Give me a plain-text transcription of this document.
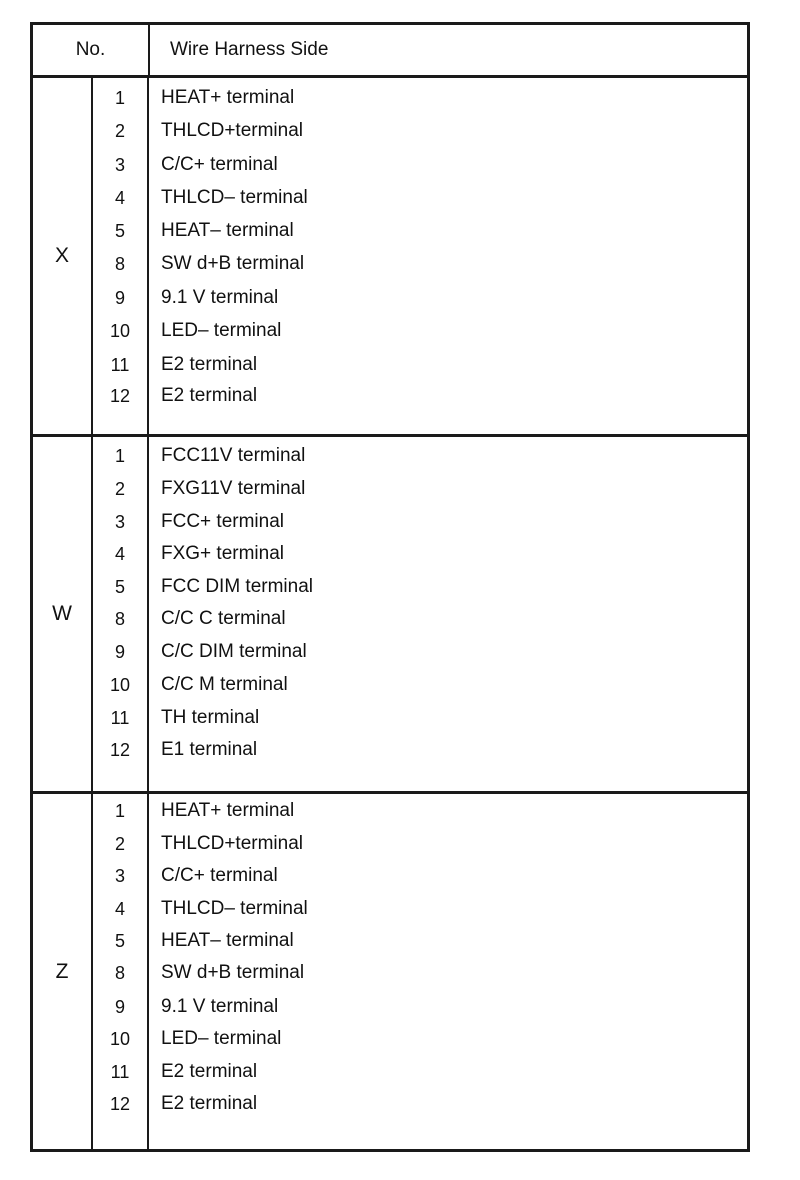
No.	Wire Harness Side
X
1	HEAT+ terminal
2	THLCD+terminal
3	C/C+ terminal
4	THLCD– terminal
5	HEAT– terminal
8	SW d+B terminal
9	9.1 V terminal
10	LED– terminal
11	E2 terminal
12	E2 terminal
W
1	FCC11V terminal
2	FXG11V terminal
3	FCC+ terminal
4	FXG+ terminal
5	FCC DIM terminal
8	C/C C terminal
9	C/C DIM terminal
10	C/C M terminal
11	TH terminal
12	E1 terminal
Z
1	HEAT+ terminal
2	THLCD+terminal
3	C/C+ terminal
4	THLCD– terminal
5	HEAT– terminal
8	SW d+B terminal
9	9.1 V terminal
10	LED– terminal
11	E2 terminal
12	E2 terminal
